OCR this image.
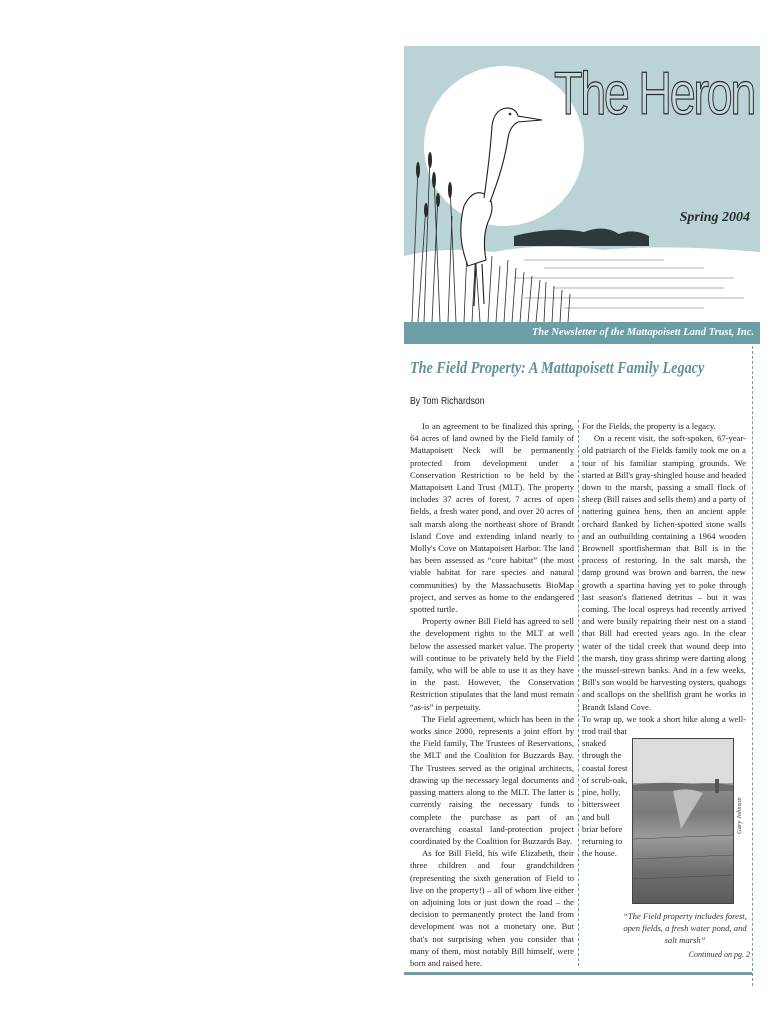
The Heron
Spring 2004
The Newsletter of the Mattapoisett Land Trust, Inc.
The Field Property: A Mattapoisett Family Legacy
By Tom Richardson

In an agreement to be finalized this spring, 64 acres of land owned by the Field family of Mattapoisett Neck will be permanently protected from development under a Conservation Restriction to be held by the Mattapoisett Land Trust (MLT). The property includes 37 acres of forest, 7 acres of open fields, a fresh water pond, and over 20 acres of salt marsh along the northeast shore of Brandt Island Cove and extending inland nearly to Molly's Cove on Mattapoisett Harbor. The land has been assessed as “core habitat” (the most viable habitat for rare species and natural communities) by the Massachusetts BioMap project, and serves as home to the endangered spotted turtle.

Property owner Bill Field has agreed to sell the development rights to the MLT at well below the assessed market value. The property will continue to be privately held by the Field family, who will be able to use it as they have in the past. However, the Conservation Restriction stipulates that the land must remain “as-is” in perpetuity.

The Field agreement, which has been in the works since 2000, represents a joint effort by the Field family, The Trustees of Reservations, the MLT and the Coalition for Buzzards Bay. The Trustees served as the original architects, drawing up the necessary legal documents and passing matters along to the MLT. The latter is currently raising the necessary funds to complete the purchase as part of an overarching coastal land-protection project coordinated by the Coalition for Buzzards Bay.

As for Bill Field, his wife Elizabeth, their three children and four grandchildren (representing the sixth generation of Field to live on the property!) – all of whom live either on adjoining lots or just down the road – the decision to permanently protect the land from development was not a monetary one. But that's not surprising when you consider that many of them, most notably Bill himself, were born and raised here.

For the Fields, the property is a legacy.

On a recent visit, the soft-spoken, 67-year-old patriarch of the Fields family took me on a tour of his familiar stamping grounds. We started at Bill's gray-shingled house and headed down to the marsh, passing a small flock of sheep (Bill raises and sells them) and a party of nattering guinea hens, then an ancient apple orchard flanked by lichen-spotted stone walls and an outbuilding containing a 1964 wooden Brownell sportfisherman that Bill is in the process of restoring. In the salt marsh, the damp ground was brown and barren, the new growth a spartina having yet to poke through last season's flattened detritus – but it was coming. The local ospreys had recently arrived and were busily repairing their nest on a stand that Bill had erected years ago. In the clear water of the tidal creek that wound deep into the marsh, tiny grass shrimp were darting along the mussel-strewn banks. And in a few weeks, Bill's son would be harvesting oysters, quahogs and scallops on the shellfish grant he works in Brandt Island Cove.

To wrap up, we took a short hike along a well-trod trail that

snaked through the coastal forest of scrub-oak, pine, holly, bittersweet and bull briar before returning to the house.

Gary Johnson
“The Field property includes forest, open fields, a fresh water pond, and salt marsh”
Continued on pg. 2
